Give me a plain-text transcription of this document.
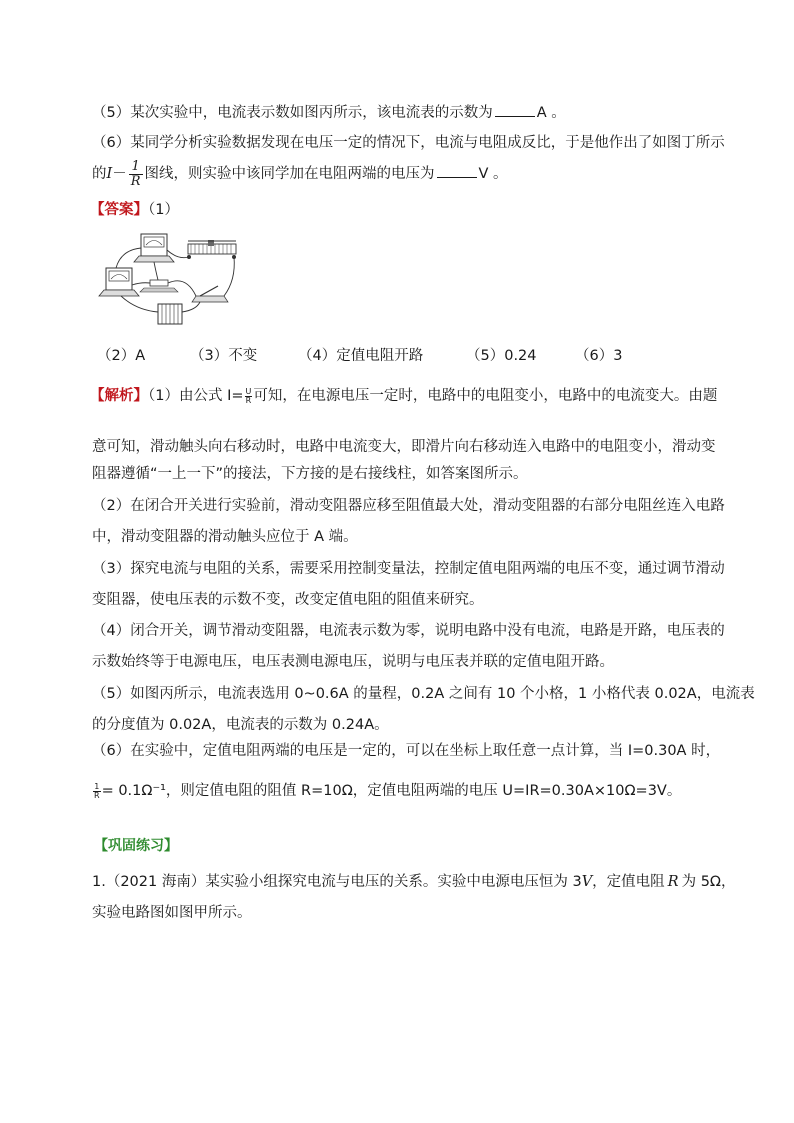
（5）某次实验中，电流表示数如图丙所示，该电流表的示数为	A 。
（6）某同学分析实验数据发现在电压一定的情况下，电流与电阻成反比，于是他作出了如图丁所示
的$I- \frac{1}{R}$ 图线，则实验中该同学加在电阻两端的电压为	V 。
【答案】（1）
（2）A	（3）不变	（4）定值电阻开路	（5）0.24	（6）3
【解析】（1）由公式 $I= \frac{U}{R}$ 可知，在电源电压一定时，电路中的电阻变小，电路中的电流变大。由题
意可知，滑动触头向右移动时，电路中电流变大，即滑片向右移动连入电路中的电阻变小，滑动变
阻器遵循“一上一下”的接法，下方接的是右接线柱，如答案图所示。
（2）在闭合开关进行实验前，滑动变阻器应移至阻值最大处，滑动变阻器的右部分电阻丝连入电路
中，滑动变阻器的滑动触头应位于 A 端。
（3）探究电流与电阻的关系，需要采用控制变量法，控制定值电阻两端的电压不变，通过调节滑动
变阻器，使电压表的示数不变，改变定值电阻的阻值来研究。
（4）闭合开关，调节滑动变阻器，电流表示数为零，说明电路中没有电流，电路是开路，电压表的
示数始终等于电源电压，电压表测电源电压，说明与电压表并联的定值电阻开路。
（5）如图丙所示，电流表选用 0~0.6A 的量程，0.2A 之间有 10 个小格，1 小格代表 0.02A，电流表
的分度值为 0.02A，电流表的示数为 0.24A。
（6）在实验中，定值电阻两端的电压是一定的，可以在坐标上取任意一点计算，当 I=0.30A 时，
$\frac{1}{R} = 0.1\Omega^{-1}$，则定值电阻的阻值 R=10Ω，定值电阻两端的电压 U=IR=0.30A×10Ω=3V。
【巩固练习】
1.（2021 海南）某实验小组探究电流与电压的关系。实验中电源电压恒为 3V，定值电阻 R 为 5Ω，
实验电路图如图甲所示。
